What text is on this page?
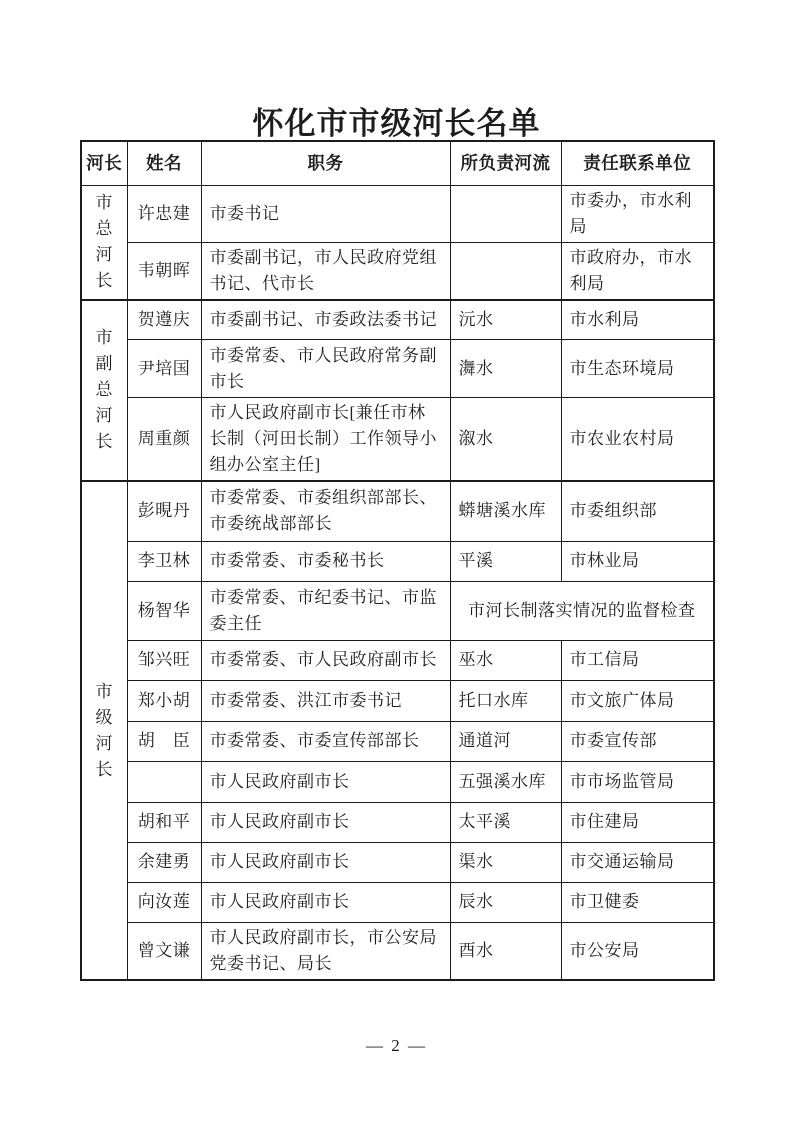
怀化市市级河长名单
河长	姓名	职务	所负责河流	责任联系单位
市总河长	许忠建	市委书记		市委办，市水利局
	韦朝晖	市委副书记，市人民政府党组书记、代市长		市政府办，市水利局
市副总河长	贺遵庆	市委副书记、市委政法委书记	沅水	市水利局
	尹培国	市委常委、市人民政府常务副市长	㵲水	市生态环境局
	周重颜	市人民政府副市长[兼任市林长制（河田长制）工作领导小组办公室主任]	溆水	市农业农村局
市级河长	彭晛丹	市委常委、市委组织部部长、市委统战部部长	蟒塘溪水库	市委组织部
	李卫林	市委常委、市委秘书长	平溪	市林业局
	杨智华	市委常委、市纪委书记、市监委主任	市河长制落实情况的监督检查	
	邹兴旺	市委常委、市人民政府副市长	巫水	市工信局
	郑小胡	市委常委、洪江市委书记	托口水库	市文旅广体局
	胡　臣	市委常委、市委宣传部部长	通道河	市委宣传部
		市人民政府副市长	五强溪水库	市市场监管局
	胡和平	市人民政府副市长	太平溪	市住建局
	余建勇	市人民政府副市长	渠水	市交通运输局
	向汝莲	市人民政府副市长	辰水	市卫健委
	曾文谦	市人民政府副市长，市公安局党委书记、局长	酉水	市公安局
— 2 —
